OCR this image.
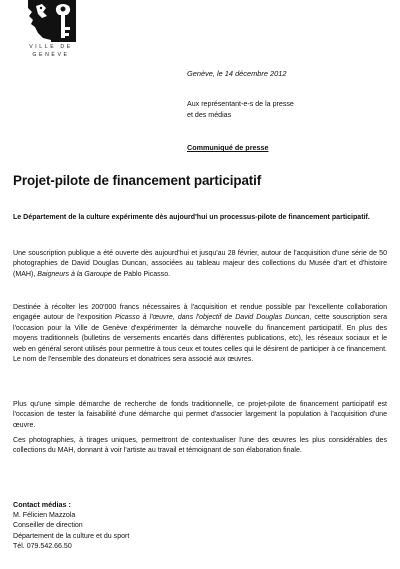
VILLE DE GENÈVE
Genève, le 14 décembre 2012
Aux représentant-e-s de la presse
et des médias
Communiqué de presse
Projet-pilote de financement participatif
Le Département de la culture expérimente dès aujourd'hui un processus-pilote de financement participatif.
Une souscription publique a été ouverte dès aujourd'hui et jusqu'au 28 février, autour de l'acquisition d'une série de 50 photographies de David Douglas Duncan, associées au tableau majeur des collections du Musée d'art et d'histoire (MAH), Baigneurs à la Garoupe de Pablo Picasso.
Destinée à récolter les 200'000 francs nécessaires à l'acquisition et rendue possible par l'excellente collaboration engagée autour de l'exposition Picasso à l'œuvre, dans l'objectif de David Douglas Duncan, cette souscription sera l'occasion pour la Ville de Genève d'expérimenter la démarche nouvelle du financement participatif. En plus des moyens traditionnels (bulletins de versements encartés dans différentes publications, etc), les réseaux sociaux et le web en général seront utilisés pour permettre à tous ceux et toutes celles qui le désirent de participer à ce financement. Le nom de l'ensemble des donateurs et donatrices sera associé aux œuvres.
Plus qu'une simple démarche de recherche de fonds traditionnelle, ce projet-pilote de financement participatif est l'occasion de tester la faisabilité d'une démarche qui permet d'associer largement la population à l'acquisition d'une œuvre.
Ces photographies, à tirages uniques, permettront de contextualiser l'une des œuvres les plus considérables des collections du MAH, donnant à voir l'artiste au travail et témoignant de son élaboration finale.
Contact médias :
M. Félicien Mazzola
Conseiller de direction
Département de la culture et du sport
Tél. 079.542.66.50
